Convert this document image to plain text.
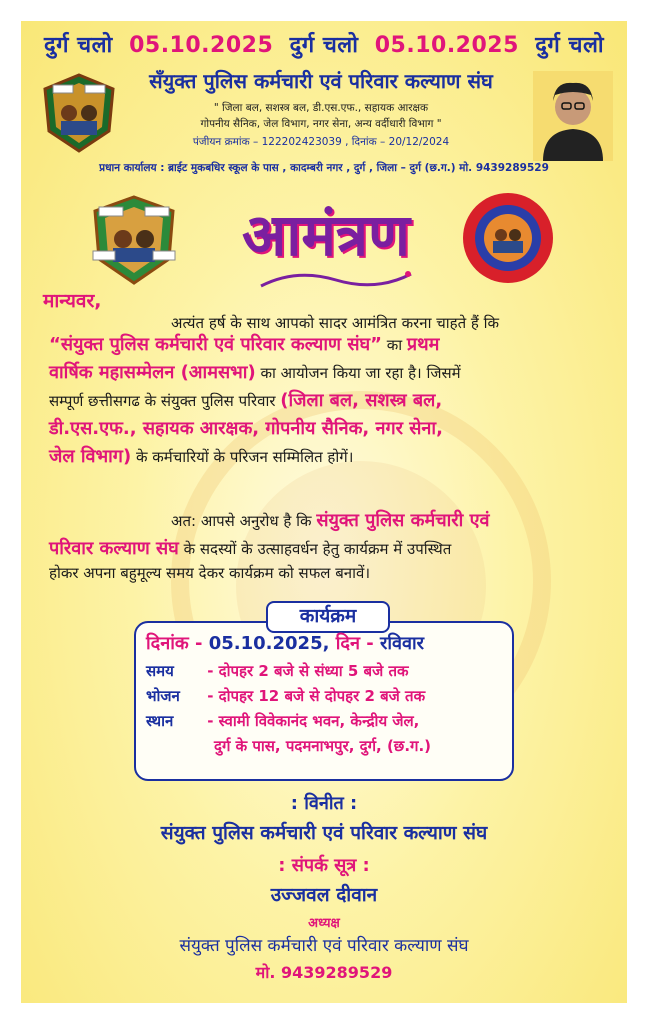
दुर्ग चलो 05.10.2025 दुर्ग चलो 05.10.2025 दुर्ग चलो
सँयुक्त पुलिस कर्मचारी एवं परिवार कल्याण संघ
" जिला बल, सशस्त्र बल, डी.एस.एफ., सहायक आरक्षक
गोपनीय सैनिक, जेल विभाग, नगर सेना, अन्य वर्दीधारी विभाग "
पंजीयन क्रमांक – 122202423039 , दिनांक – 20/12/2024
प्रधान कार्यालय : ब्राईट मुकबधिर स्कूल के पास , कादम्बरी नगर , दुर्ग , जिला – दुर्ग (छ.ग.) मो. 9439289529
आमंत्रण
मान्यवर,
अत्यंत हर्ष के साथ आपको सादर आमंत्रित करना चाहते हैं कि
“संयुक्त पुलिस कर्मचारी एवं परिवार कल्याण संघ” का प्रथम
वार्षिक महासम्मेलन (आमसभा) का आयोजन किया जा रहा है। जिसमें
सम्पूर्ण छत्तीसगढ के संयुक्त पुलिस परिवार (जिला बल, सशस्त्र बल,
डी.एस.एफ., सहायक आरक्षक, गोपनीय सैनिक, नगर सेना,
जेल विभाग) के कर्मचारियों के परिजन सम्मिलित होगें।
अत: आपसे अनुरोध है कि संयुक्त पुलिस कर्मचारी एवं
परिवार कल्याण संघ के सदस्यों के उत्साहवर्धन हेतु कार्यक्रम में उपस्थित
होकर अपना बहुमूल्य समय देकर कार्यक्रम को सफल बनावें।
कार्यक्रम
दिनांक - 05.10.2025, दिन - रविवार
समय - दोपहर 2 बजे से संध्या 5 बजे तक
भोजन - दोपहर 12 बजे से दोपहर 2 बजे तक
स्थान - स्वामी विवेकानंद भवन, केन्द्रीय जेल,
दुर्ग के पास, पदमनाभपुर, दुर्ग, (छ.ग.)
: विनीत :
संयुक्त पुलिस कर्मचारी एवं परिवार कल्याण संघ
: संपर्क सूत्र :
उज्जवल दीवान
अध्यक्ष
संयुक्त पुलिस कर्मचारी एवं परिवार कल्याण संघ
मो. 9439289529
